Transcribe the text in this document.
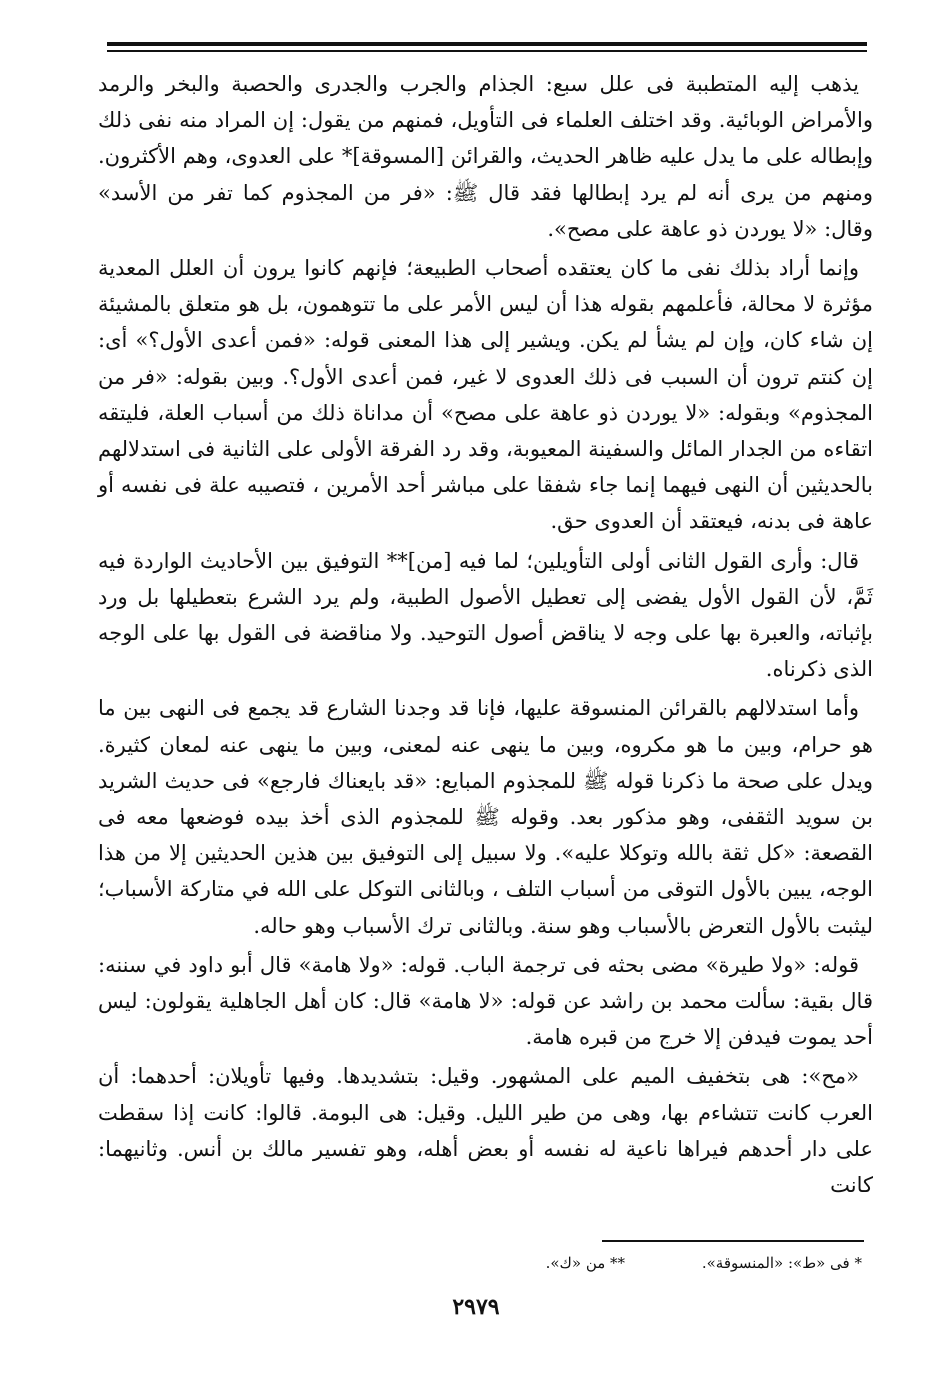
يذهب إليه المتطببة فى علل سبع: الجذام والجرب والجدرى والحصبة والبخر والرمد والأمراض الوبائية. وقد اختلف العلماء فى التأويل، فمنهم من يقول: إن المراد منه نفى ذلك وإبطاله على ما يدل عليه ظاهر الحديث، والقرائن [المسوقة]* على العدوى، وهم الأكثرون. ومنهم من يرى أنه لم يرد إبطالها فقد قال ﷺ: «فر من المجذوم كما تفر من الأسد» وقال: «لا يوردن ذو عاهة على مصح».

وإنما أراد بذلك نفى ما كان يعتقده أصحاب الطبيعة؛ فإنهم كانوا يرون أن العلل المعدية مؤثرة لا محالة، فأعلمهم بقوله هذا أن ليس الأمر على ما تتوهمون، بل هو متعلق بالمشيئة إن شاء كان، وإن لم يشأ لم يكن. ويشير إلى هذا المعنى قوله: «فمن أعدى الأول؟» أى: إن كنتم ترون أن السبب فى ذلك العدوى لا غير، فمن أعدى الأول؟. وبين بقوله: «فر من المجذوم» وبقوله: «لا يوردن ذو عاهة على مصح» أن مداناة ذلك من أسباب العلة، فليتقه اتقاءه من الجدار المائل والسفينة المعيوبة، وقد رد الفرقة الأولى على الثانية فى استدلالهم بالحديثين أن النهى فيهما إنما جاء شفقا على مباشر أحد الأمرين ، فتصيبه علة فى نفسه أو عاهة فى بدنه، فيعتقد أن العدوى حق.

قال: وأرى القول الثانى أولى التأويلين؛ لما فيه [من]** التوفيق بين الأحاديث الواردة فيه ثَمَّ، لأن القول الأول يفضى إلى تعطيل الأصول الطبية، ولم يرد الشرع بتعطيلها بل ورد بإثباته، والعبرة بها على وجه لا يناقض أصول التوحيد. ولا مناقضة فى القول بها على الوجه الذى ذكرناه.

وأما استدلالهم بالقرائن المنسوقة عليها، فإنا قد وجدنا الشارع قد يجمع فى النهى بين ما هو حرام، وبين ما هو مكروه، وبين ما ينهى عنه لمعنى، وبين ما ينهى عنه لمعان كثيرة. ويدل على صحة ما ذكرنا قوله ﷺ للمجذوم المبايع: «قد بايعناك فارجع» فى حديث الشريد بن سويد الثقفى، وهو مذكور بعد. وقوله ﷺ للمجذوم الذى أخذ بيده فوضعها معه فى القصعة: «كل ثقة بالله وتوكلا عليه». ولا سبيل إلى التوفيق بين هذين الحديثين إلا من هذا الوجه، يبين بالأول التوقى من أسباب التلف ، وبالثانى التوكل على الله في متاركة الأسباب؛ ليثبت بالأول التعرض بالأسباب وهو سنة. وبالثانى ترك الأسباب وهو حاله.

قوله: «ولا طيرة» مضى بحثه فى ترجمة الباب. قوله: «ولا هامة» قال أبو داود في سننه: قال بقية: سألت محمد بن راشد عن قوله: «لا هامة» قال: كان أهل الجاهلية يقولون: ليس أحد يموت فيدفن إلا خرج من قبره هامة.

«مح»: هى بتخفيف الميم على المشهور. وقيل: بتشديدها. وفيها تأويلان: أحدهما: أن العرب كانت تتشاءم بها، وهى من طير الليل. وقيل: هى البومة. قالوا: كانت إذا سقطت على دار أحدهم فيراها ناعية له نفسه أو بعض أهله، وهو تفسير مالك بن أنس. وثانيهما: كانت

* فى «ط»: «المنسوقة». ** من «ك».
٢٩٧٩
